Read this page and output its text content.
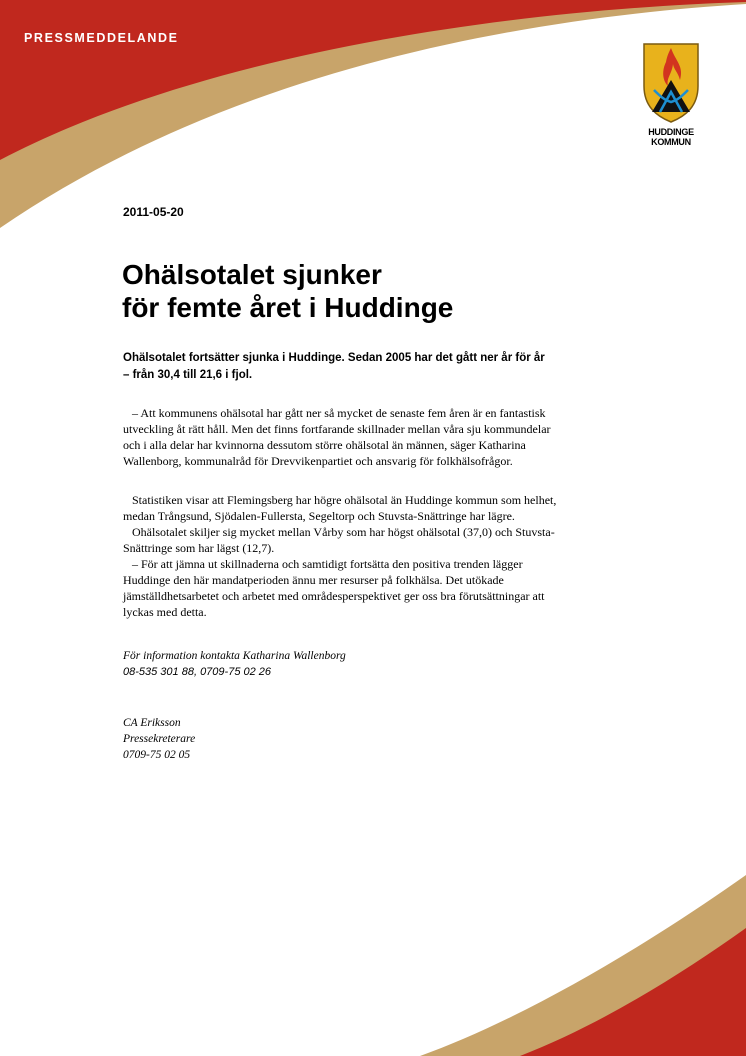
PRESSMEDDELANDE
HUDDINGE
KOMMUN
2011-05-20
Ohälsotalet sjunker
för femte året i Huddinge
Ohälsotalet fortsätter sjunka i Huddinge. Sedan 2005 har det gått ner år för år
– från 30,4 till 21,6 i fjol.
– Att kommunens ohälsotal har gått ner så mycket de senaste fem åren är en fantastisk
utveckling åt rätt håll. Men det finns fortfarande skillnader mellan våra sju kommundelar
och i alla delar har kvinnorna dessutom större ohälsotal än männen, säger Katharina
Wallenborg, kommunalråd för Drevvikenpartiet och ansvarig för folkhälsofrågor.
Statistiken visar att Flemingsberg har högre ohälsotal än Huddinge kommun som helhet,
medan Trångsund, Sjödalen-Fullersta, Segeltorp och Stuvsta-Snättringe har lägre.
Ohälsotalet skiljer sig mycket mellan Vårby som har högst ohälsotal (37,0) och Stuvsta-
Snättringe som har lägst (12,7).
– För att jämna ut skillnaderna och samtidigt fortsätta den positiva trenden lägger
Huddinge den här mandatperioden ännu mer resurser på folkhälsa. Det utökade
jämställdhetsarbetet och arbetet med områdesperspektivet ger oss bra förutsättningar att
lyckas med detta.
För information kontakta Katharina Wallenborg
08-535 301 88, 0709-75 02 26
CA Eriksson
Pressekreterare
0709-75 02 05
